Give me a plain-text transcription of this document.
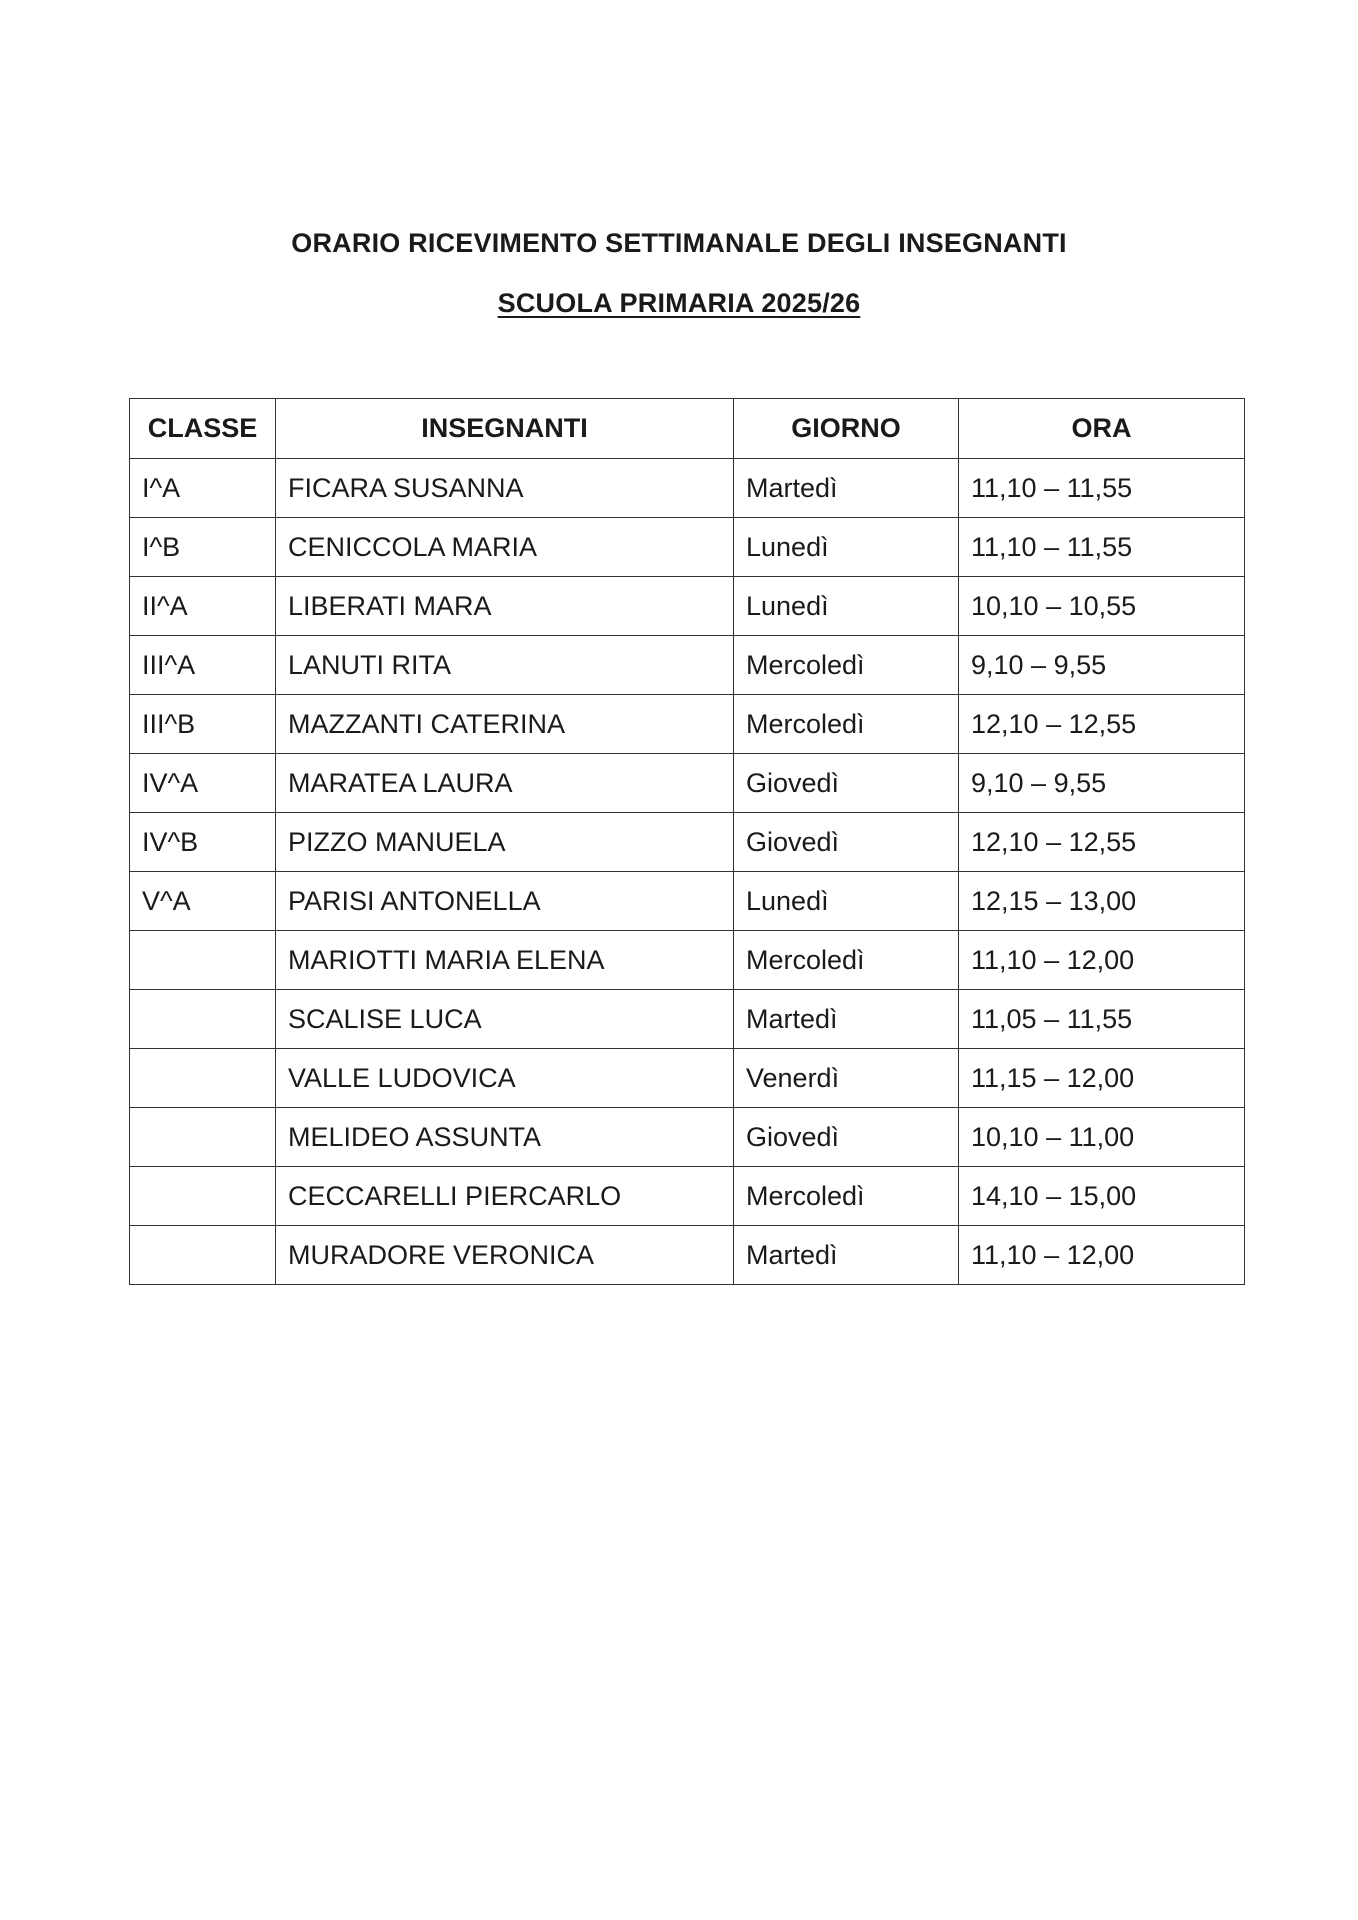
ORARIO RICEVIMENTO SETTIMANALE DEGLI INSEGNANTI
SCUOLA PRIMARIA 2025/26
CLASSE	INSEGNANTI	GIORNO	ORA
I^A	FICARA SUSANNA	Martedì	11,10 – 11,55
I^B	CENICCOLA MARIA	Lunedì	11,10 – 11,55
II^A	LIBERATI MARA	Lunedì	10,10 – 10,55
III^A	LANUTI RITA	Mercoledì	9,10 – 9,55
III^B	MAZZANTI CATERINA	Mercoledì	12,10 – 12,55
IV^A	MARATEA LAURA	Giovedì	9,10 – 9,55
IV^B	PIZZO MANUELA	Giovedì	12,10 – 12,55
V^A	PARISI ANTONELLA	Lunedì	12,15 – 13,00
	MARIOTTI MARIA ELENA	Mercoledì	11,10 – 12,00
	SCALISE LUCA	Martedì	11,05 – 11,55
	VALLE LUDOVICA	Venerdì	11,15 – 12,00
	MELIDEO ASSUNTA	Giovedì	10,10 – 11,00
	CECCARELLI PIERCARLO	Mercoledì	14,10 – 15,00
	MURADORE VERONICA	Martedì	11,10 – 12,00
